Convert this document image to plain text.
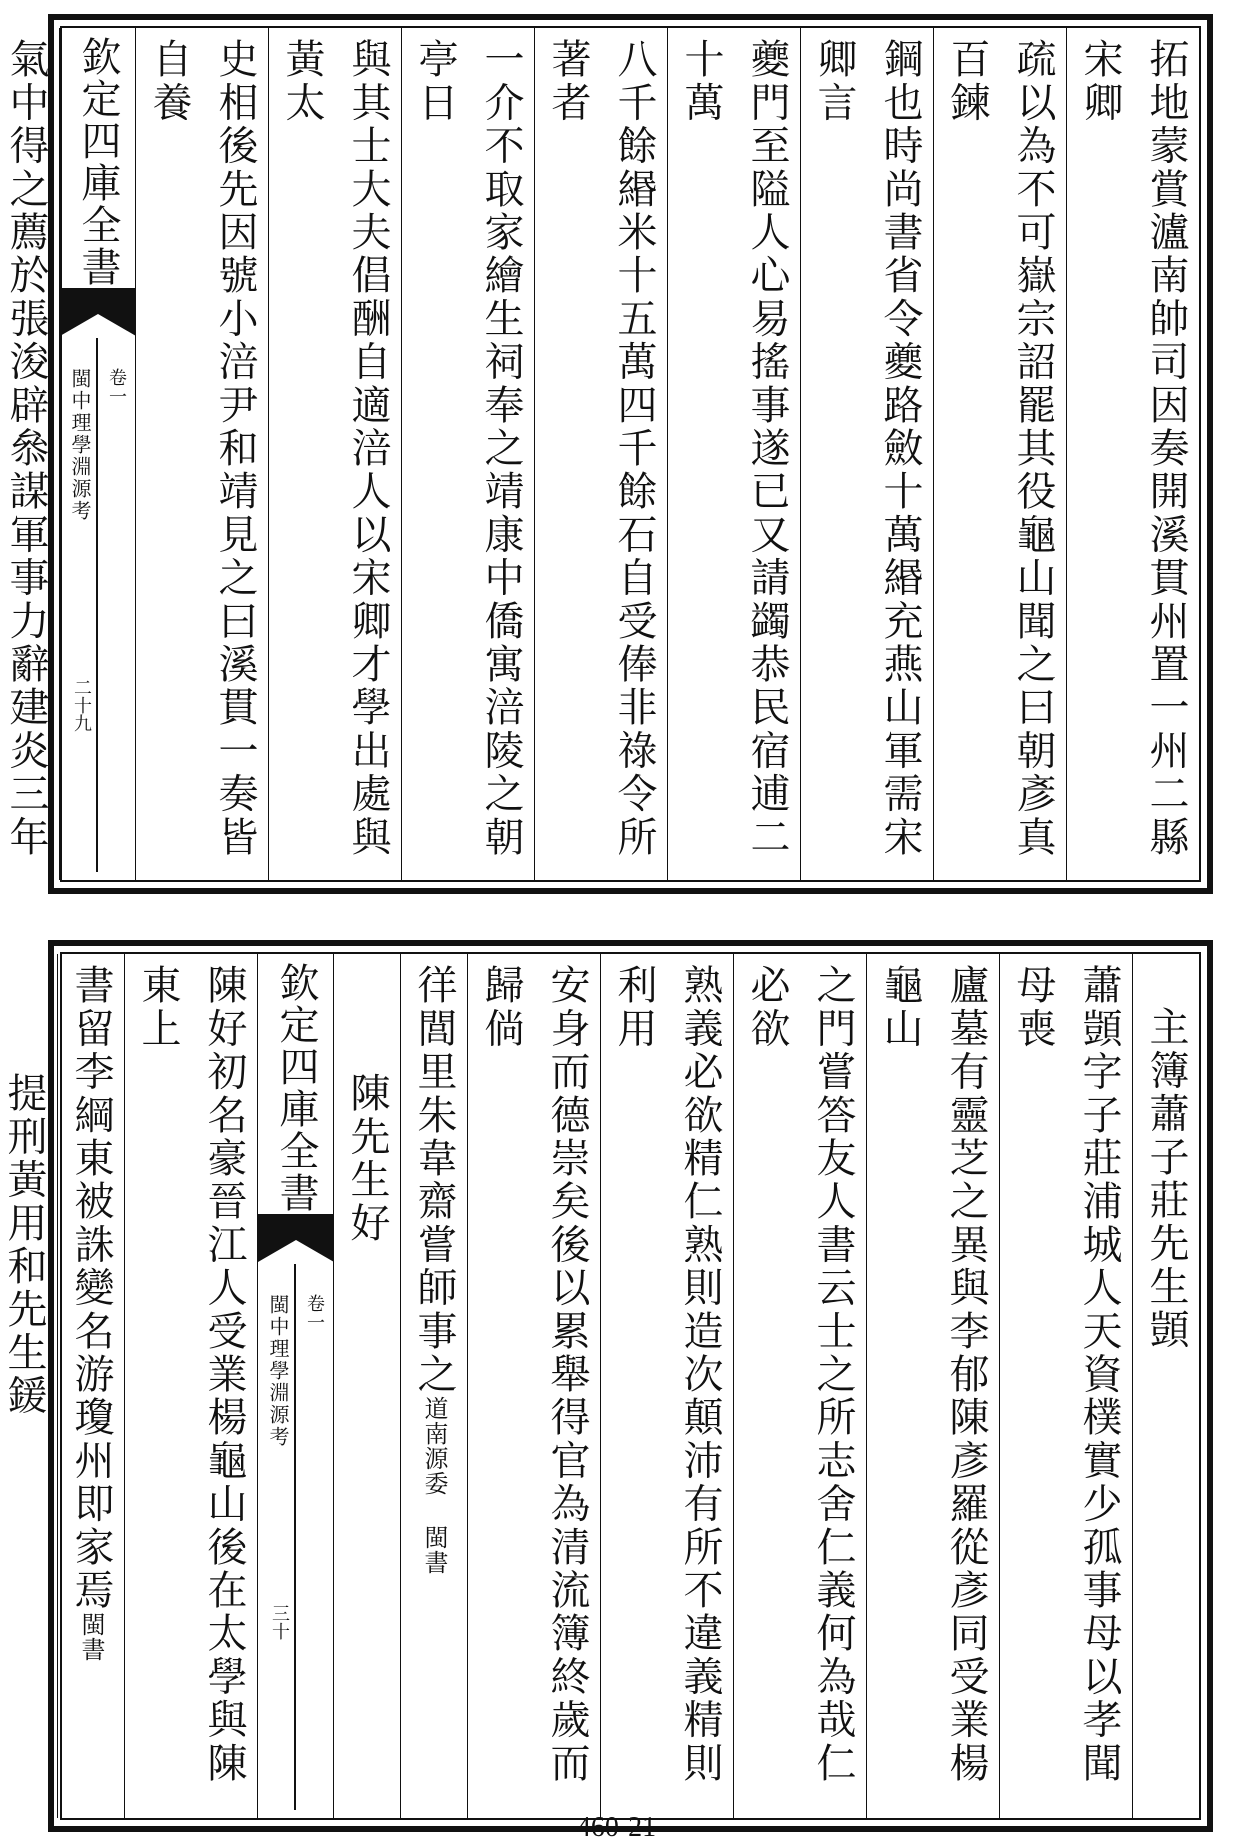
拓地蒙賞瀘南帥司因奏開溪貫州置一州二縣宋卿
疏以為不可嶽宗詔罷其役龜山聞之曰朝彥真百鍊
鋼也時尚書省令夔路斂十萬緡充燕山軍需宋卿言
夔門至隘人心易搖事遂已又請蠲恭民宿逋二十萬
八千餘緡米十五萬四千餘石自受俸非祿令所著者
一介不取家繪生祠奉之靖康中僑寓涪陵之朝亭日
與其士大夫倡酬自適涪人以宋卿才學出處與黃太
史相後先因號小涪尹和靖見之曰溪貫一奏皆自養
欽定四庫全書
閩中理學淵源考 卷一
二十九
氣中得之薦於張浚辟叅謀軍事力辭建炎三年
主簿蕭子莊先生顗
蕭顗字子莊浦城人天資樸實少孤事母以孝聞母喪
廬墓有靈芝之異與李郁陳彥羅從彥同受業楊龜山
之門嘗答友人書云士之所志舍仁義何為哉仁必欲
熟義必欲精仁熟則造次顛沛有所不違義精則利用
安身而德崇矣後以累舉得官為清流簿終歲而歸倘
徉閭里朱韋齋嘗師事之道南源委 閩書
陳先生好
欽定四庫全書
閩中理學淵源考 卷一
三十
陳好初名豪晉江人受業楊龜山後在太學與陳東上
書留李綱東被誅變名游瓊州即家焉閩書
提刑黃用和先生鍰
460-21
